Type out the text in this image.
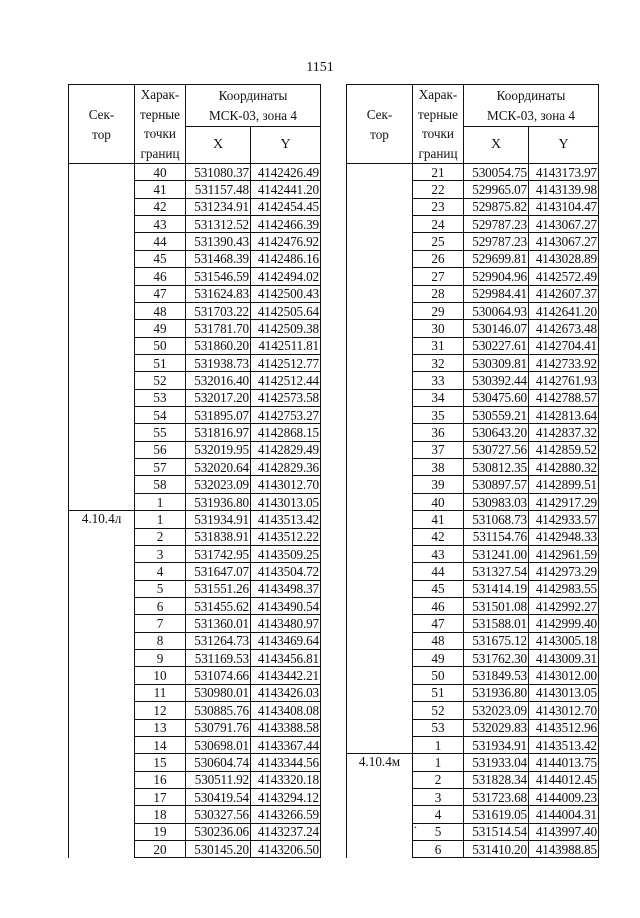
1151
Сек-
тор	Харак-
терные
точки
границ	Координаты
МСК-03, зона 4	
		X	Y
	40	531080.37	4142426.49
	41	531157.48	4142441.20
	42	531234.91	4142454.45
	43	531312.52	4142466.39
	44	531390.43	4142476.92
	45	531468.39	4142486.16
	46	531546.59	4142494.02
	47	531624.83	4142500.43
	48	531703.22	4142505.64
	49	531781.70	4142509.38
	50	531860.20	4142511.81
	51	531938.73	4142512.77
	52	532016.40	4142512.44
	53	532017.20	4142573.58
	54	531895.07	4142753.27
	55	531816.97	4142868.15
	56	532019.95	4142829.49
	57	532020.64	4142829.36
	58	532023.09	4143012.70
	1	531936.80	4143013.05
4.10.4л	1	531934.91	4143513.42
	2	531838.91	4143512.22
	3	531742.95	4143509.25
	4	531647.07	4143504.72
	5	531551.26	4143498.37
	6	531455.62	4143490.54
	7	531360.01	4143480.97
	8	531264.73	4143469.64
	9	531169.53	4143456.81
	10	531074.66	4143442.21
	11	530980.01	4143426.03
	12	530885.76	4143408.08
	13	530791.76	4143388.58
	14	530698.01	4143367.44
	15	530604.74	4143344.56
	16	530511.92	4143320.18
	17	530419.54	4143294.12
	18	530327.56	4143266.59
	19	530236.06	4143237.24
	20	530145.20	4143206.50
Сек-
тор	Харак-
терные
точки
границ	Координаты
МСК-03, зона 4	
		X	Y
	21	530054.75	4143173.97
	22	529965.07	4143139.98
	23	529875.82	4143104.47
	24	529787.23	4143067.27
	25	529787.23	4143067.27
	26	529699.81	4143028.89
	27	529904.96	4142572.49
	28	529984.41	4142607.37
	29	530064.93	4142641.20
	30	530146.07	4142673.48
	31	530227.61	4142704.41
	32	530309.81	4142733.92
	33	530392.44	4142761.93
	34	530475.60	4142788.57
	35	530559.21	4142813.64
	36	530643.20	4142837.32
	37	530727.56	4142859.52
	38	530812.35	4142880.32
	39	530897.57	4142899.51
	40	530983.03	4142917.29
	41	531068.73	4142933.57
	42	531154.76	4142948.33
	43	531241.00	4142961.59
	44	531327.54	4142973.29
	45	531414.19	4142983.55
	46	531501.08	4142992.27
	47	531588.01	4142999.40
	48	531675.12	4143005.18
	49	531762.30	4143009.31
	50	531849.53	4143012.00
	51	531936.80	4143013.05
	52	532023.09	4143012.70
	53	532029.83	4143512.96
	1	531934.91	4143513.42
4.10.4м	1	531933.04	4144013.75
	2	531828.34	4144012.45
	3	531723.68	4144009.23
	4	531619.05	4144004.31
	5	531514.54	4143997.40
	6	531410.20	4143988.85
.
